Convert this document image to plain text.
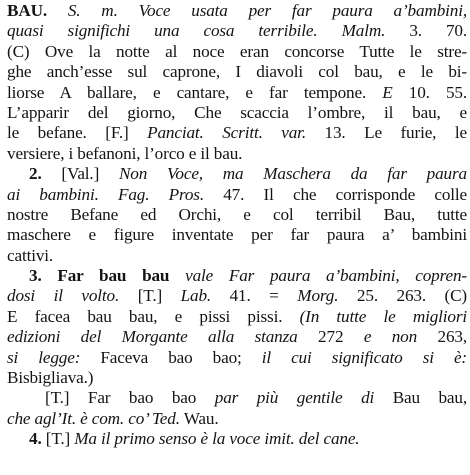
BAU. S. m. Voce usata per far paura a’bambini,
quasi significhi una cosa terribile. Malm. 3. 70.
(C) Ove la notte al noce eran concorse Tutte le stre-
ghe anch’esse sul caprone, I diavoli col bau, e le bi-
liorse A ballare, e cantare, e far tempone. E 10. 55.
L’apparir del giorno, Che scaccia l’ombre, il bau, e
le befane. [F.] Panciat. Scritt. var. 13. Le furie, le
versiere, i befanoni, l’orco e il bau.
2. [Val.] Non Voce, ma Maschera da far paura
ai bambini. Fag. Pros. 47. Il che corrisponde colle
nostre Befane ed Orchi, e col terribil Bau, tutte
maschere e figure inventate per far paura a’ bambini
cattivi.
3. Far bau bau vale Far paura a’bambini, copren-
dosi il volto. [T.] Lab. 41. = Morg. 25. 263. (C)
E facea bau bau, e pissi pissi. (In tutte le migliori
edizioni del Morgante alla stanza 272 e non 263,
si legge: Faceva bao bao; il cui significato si è:
Bisbigliava.)
[T.] Far bao bao par più gentile di Bau bau,
che agl’It. è com. co’ Ted. Wau.
4. [T.] Ma il primo senso è la voce imit. del cane.
